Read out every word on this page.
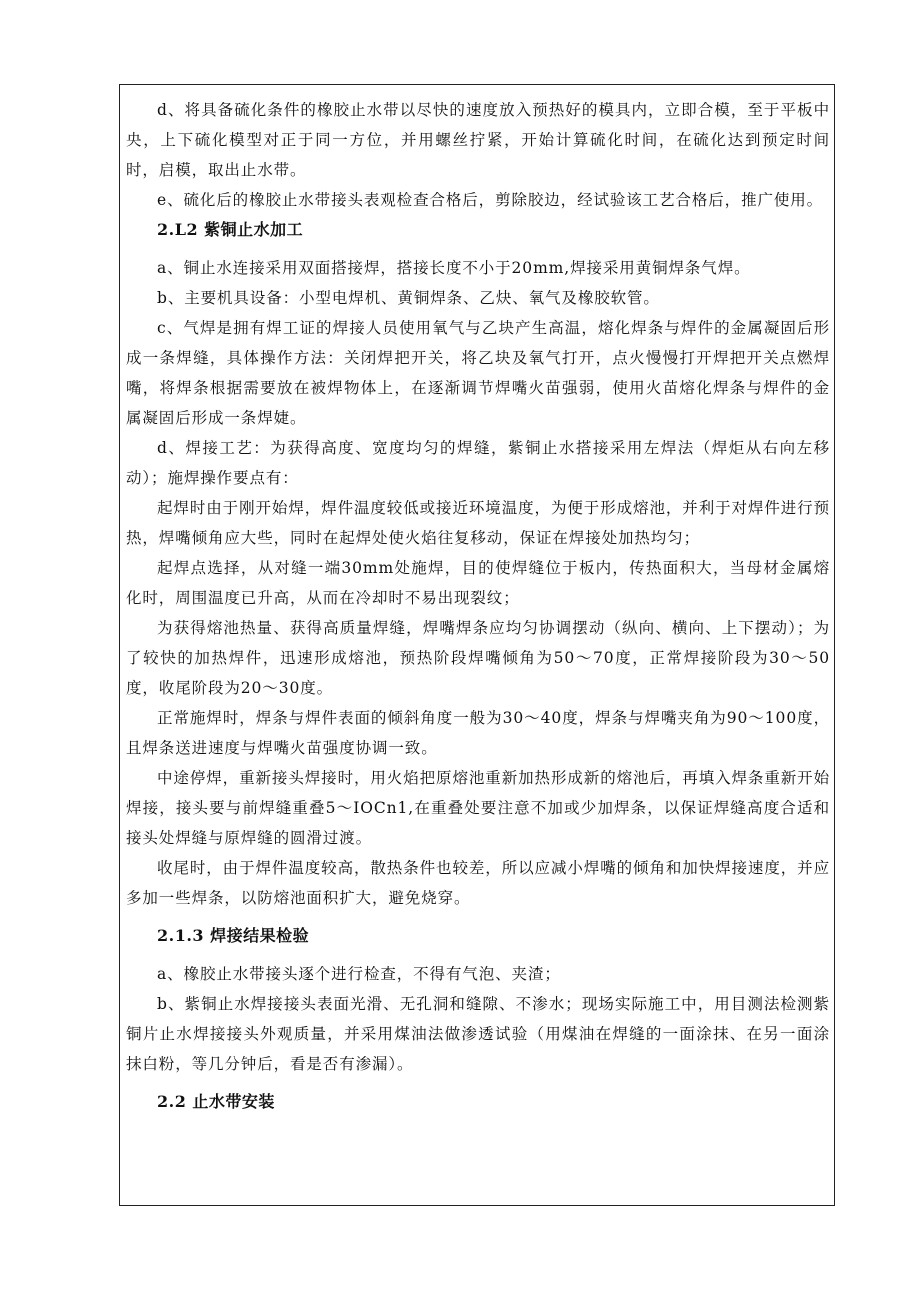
d、将具备硫化条件的橡胶止水带以尽快的速度放入预热好的模具内，立即合模，至于平板中央，上下硫化模型对正于同一方位，并用螺丝拧紧，开始计算硫化时间，在硫化达到预定时间时，启模，取出止水带。

e、硫化后的橡胶止水带接头表观检查合格后，剪除胶边，经试验该工艺合格后，推广使用。

2.L2 紫铜止水加工

a、铜止水连接采用双面搭接焊，搭接长度不小于20mm,焊接采用黄铜焊条气焊。

b、主要机具设备：小型电焊机、黄铜焊条、乙炔、氧气及橡胶软管。

c、气焊是拥有焊工证的焊接人员使用氧气与乙块产生高温，熔化焊条与焊件的金属凝固后形成一条焊缝，具体操作方法：关闭焊把开关，将乙块及氧气打开，点火慢慢打开焊把开关点燃焊嘴，将焊条根据需要放在被焊物体上，在逐渐调节焊嘴火苗强弱，使用火苗熔化焊条与焊件的金属凝固后形成一条焊婕。

d、焊接工艺：为获得高度、宽度均匀的焊缝，紫铜止水搭接采用左焊法（焊炬从右向左移动）；施焊操作要点有：

起焊时由于刚开始焊，焊件温度较低或接近环境温度，为便于形成熔池，并利于对焊件进行预热，焊嘴倾角应大些，同时在起焊处使火焰往复移动，保证在焊接处加热均匀；

起焊点选择，从对缝一端30mm处施焊，目的使焊缝位于板内，传热面积大，当母材金属熔化时，周围温度已升高，从而在冷却时不易出现裂纹；

为获得熔池热量、获得高质量焊缝，焊嘴焊条应均匀协调摆动（纵向、横向、上下摆动）；为了较快的加热焊件，迅速形成熔池，预热阶段焊嘴倾角为50～70度，正常焊接阶段为30～50度，收尾阶段为20～30度。

正常施焊时，焊条与焊件表面的倾斜角度一般为30～40度，焊条与焊嘴夹角为90～100度，且焊条送进速度与焊嘴火苗强度协调一致。

中途停焊，重新接头焊接时，用火焰把原熔池重新加热形成新的熔池后，再填入焊条重新开始焊接，接头要与前焊缝重叠5～IOCn1,在重叠处要注意不加或少加焊条，以保证焊缝高度合适和接头处焊缝与原焊缝的圆滑过渡。

收尾时，由于焊件温度较高，散热条件也较差，所以应减小焊嘴的倾角和加快焊接速度，并应多加一些焊条，以防熔池面积扩大，避免烧穿。

2.1.3 焊接结果检验

a、橡胶止水带接头逐个进行检查，不得有气泡、夹渣；

b、紫铜止水焊接接头表面光滑、无孔洞和缝隙、不渗水；现场实际施工中，用目测法检测紫铜片止水焊接接头外观质量，并采用煤油法做渗透试验（用煤油在焊缝的一面涂抹、在另一面涂抹白粉，等几分钟后，看是否有渗漏）。

2.2 止水带安装
